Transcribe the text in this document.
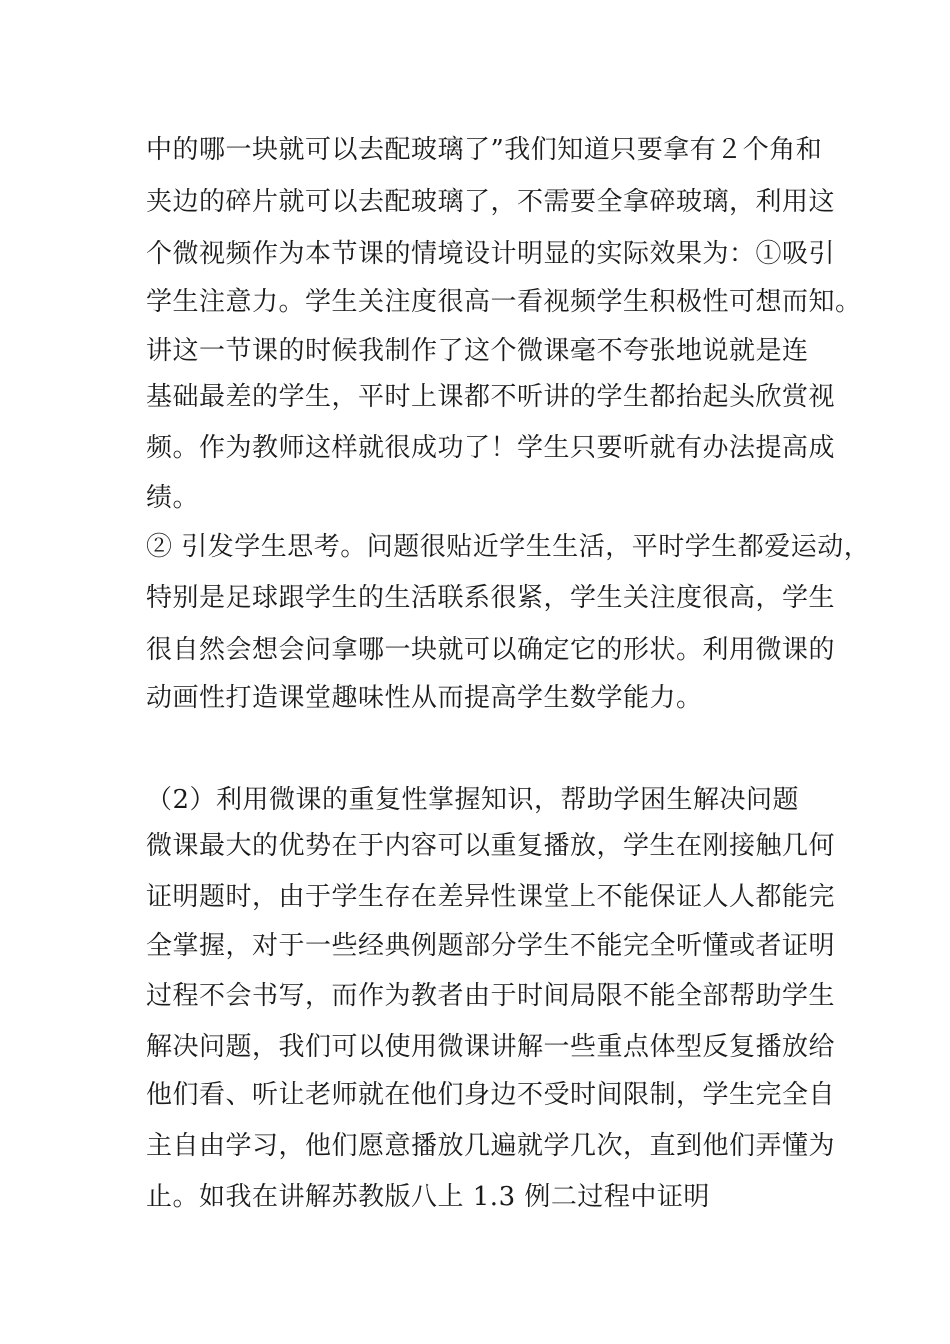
中的哪一块就可以去配玻璃了”我们知道只要拿有２个角和
夹边的碎片就可以去配玻璃了，不需要全拿碎玻璃，利用这
个微视频作为本节课的情境设计明显的实际效果为：①吸引
学生注意力。学生关注度很高一看视频学生积极性可想而知。
讲这一节课的时候我制作了这个微课毫不夸张地说就是连
基础最差的学生，平时上课都不听讲的学生都抬起头欣赏视
频。作为教师这样就很成功了！学生只要听就有办法提高成
绩。
② 引发学生思考。问题很贴近学生生活，平时学生都爱运动，
特别是足球跟学生的生活联系很紧，学生关注度很高，学生
很自然会想会问拿哪一块就可以确定它的形状。利用微课的
动画性打造课堂趣味性从而提高学生数学能力。
（2）利用微课的重复性掌握知识，帮助学困生解决问题
微课最大的优势在于内容可以重复播放，学生在刚接触几何
证明题时，由于学生存在差异性课堂上不能保证人人都能完
全掌握，对于一些经典例题部分学生不能完全听懂或者证明
过程不会书写，而作为教者由于时间局限不能全部帮助学生
解决问题，我们可以使用微课讲解一些重点体型反复播放给
他们看、听让老师就在他们身边不受时间限制，学生完全自
主自由学习，他们愿意播放几遍就学几次，直到他们弄懂为
止。如我在讲解苏教版八上 1.3 例二过程中证明
